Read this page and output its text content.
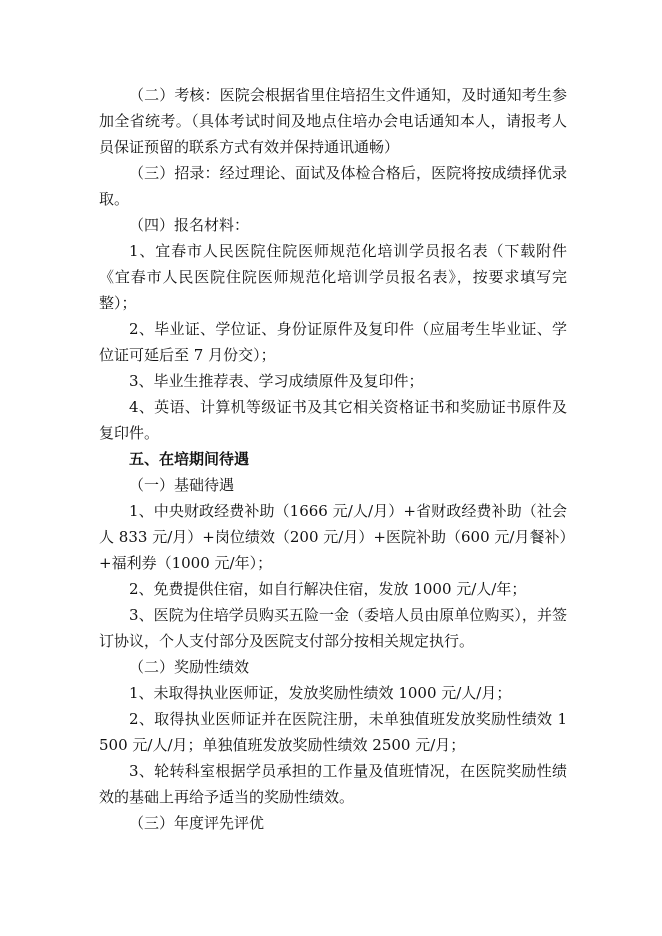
（二）考核：医院会根据省里住培招生文件通知，及时通知考生参加全省统考。（具体考试时间及地点住培办会电话通知本人，请报考人员保证预留的联系方式有效并保持通讯通畅）

（三）招录：经过理论、面试及体检合格后，医院将按成绩择优录取。

（四）报名材料：

1、宜春市人民医院住院医师规范化培训学员报名表（下载附件《宜春市人民医院住院医师规范化培训学员报名表》，按要求填写完整）；

2、毕业证、学位证、身份证原件及复印件（应届考生毕业证、学位证可延后至 7 月份交）；

3、毕业生推荐表、学习成绩原件及复印件；

4、英语、计算机等级证书及其它相关资格证书和奖励证书原件及复印件。

五、在培期间待遇

（一）基础待遇

1、中央财政经费补助（1666 元/人/月）+省财政经费补助（社会人 833 元/月）+岗位绩效（200 元/月）+医院补助（600 元/月餐补）+福利券（1000 元/年）；

2、免费提供住宿，如自行解决住宿，发放 1000 元/人/年；

3、医院为住培学员购买五险一金（委培人员由原单位购买），并签订协议，个人支付部分及医院支付部分按相关规定执行。

（二）奖励性绩效

1、未取得执业医师证，发放奖励性绩效 1000 元/人/月；

2、取得执业医师证并在医院注册，未单独值班发放奖励性绩效 1500 元/人/月；单独值班发放奖励性绩效 2500 元/月；

3、轮转科室根据学员承担的工作量及值班情况，在医院奖励性绩效的基础上再给予适当的奖励性绩效。

（三）年度评先评优
